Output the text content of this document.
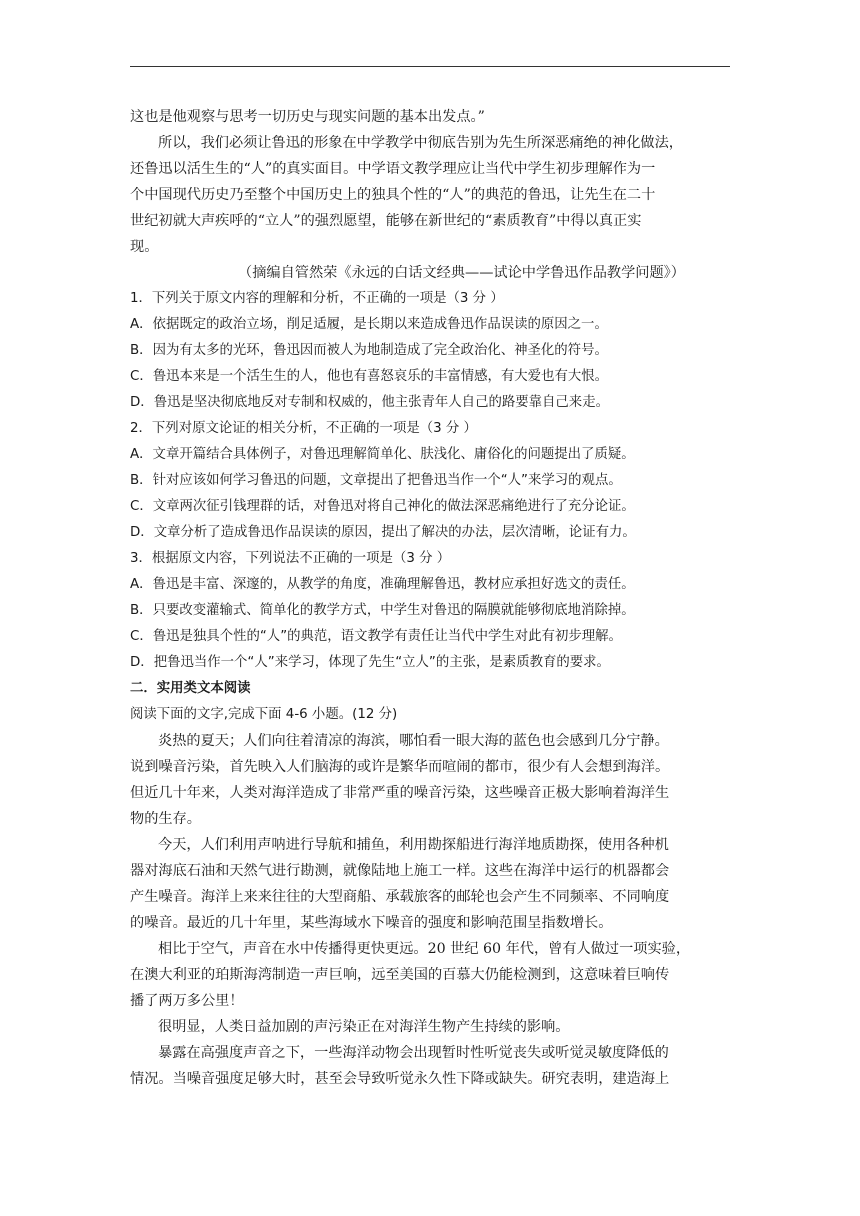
这也是他观察与思考一切历史与现实问题的基本出发点。”
所以，我们必须让鲁迅的形象在中学教学中彻底告别为先生所深恶痛绝的神化做法，
还鲁迅以活生生的“人”的真实面目。中学语文教学理应让当代中学生初步理解作为一
个中国现代历史乃至整个中国历史上的独具个性的“人”的典范的鲁迅，让先生在二十
世纪初就大声疾呼的“立人”的强烈愿望，能够在新世纪的“素质教育”中得以真正实
现。
（摘编自管然荣《永远的白话文经典——试论中学鲁迅作品教学问题》）
1．下列关于原文内容的理解和分析，不正确的一项是（3 分 ）
A．依据既定的政治立场，削足适履，是长期以来造成鲁迅作品误读的原因之一。
B．因为有太多的光环，鲁迅因而被人为地制造成了完全政治化、神圣化的符号。
C．鲁迅本来是一个活生生的人，他也有喜怒哀乐的丰富情感，有大爱也有大恨。
D．鲁迅是坚决彻底地反对专制和权威的，他主张青年人自己的路要靠自己来走。
2．下列对原文论证的相关分析，不正确的一项是（3 分 ）
A．文章开篇结合具体例子，对鲁迅理解简单化、肤浅化、庸俗化的问题提出了质疑。
B．针对应该如何学习鲁迅的问题，文章提出了把鲁迅当作一个“人”来学习的观点。
C．文章两次征引钱理群的话，对鲁迅对将自己神化的做法深恶痛绝进行了充分论证。
D．文章分析了造成鲁迅作品误读的原因，提出了解决的办法，层次清晰，论证有力。
3．根据原文内容，下列说法不正确的一项是（3 分 ）
A．鲁迅是丰富、深邃的，从教学的角度，准确理解鲁迅，教材应承担好选文的责任。
B．只要改变灌输式、简单化的教学方式，中学生对鲁迅的隔膜就能够彻底地消除掉。
C．鲁迅是独具个性的“人”的典范，语文教学有责任让当代中学生对此有初步理解。
D．把鲁迅当作一个“人”来学习，体现了先生“立人”的主张，是素质教育的要求。
二．实用类文本阅读
阅读下面的文字,完成下面 4-6 小题。(12 分)
炎热的夏天；人们向往着清凉的海滨，哪怕看一眼大海的蓝色也会感到几分宁静。
说到噪音污染，首先映入人们脑海的或许是繁华而喧闹的都市，很少有人会想到海洋。
但近几十年来，人类对海洋造成了非常严重的噪音污染，这些噪音正极大影响着海洋生
物的生存。
今天，人们利用声呐进行导航和捕鱼，利用勘探船进行海洋地质勘探，使用各种机
器对海底石油和天然气进行勘测，就像陆地上施工一样。这些在海洋中运行的机器都会
产生噪音。海洋上来来往往的大型商船、承载旅客的邮轮也会产生不同频率、不同响度
的噪音。最近的几十年里，某些海域水下噪音的强度和影响范围呈指数增长。
相比于空气，声音在水中传播得更快更远。20 世纪 60 年代，曾有人做过一项实验，
在澳大利亚的珀斯海湾制造一声巨响，远至美国的百慕大仍能检测到，这意味着巨响传
播了两万多公里！
很明显，人类日益加剧的声污染正在对海洋生物产生持续的影响。
暴露在高强度声音之下，一些海洋动物会出现暂时性听觉丧失或听觉灵敏度降低的
情况。当噪音强度足够大时，甚至会导致听觉永久性下降或缺失。研究表明，建造海上
